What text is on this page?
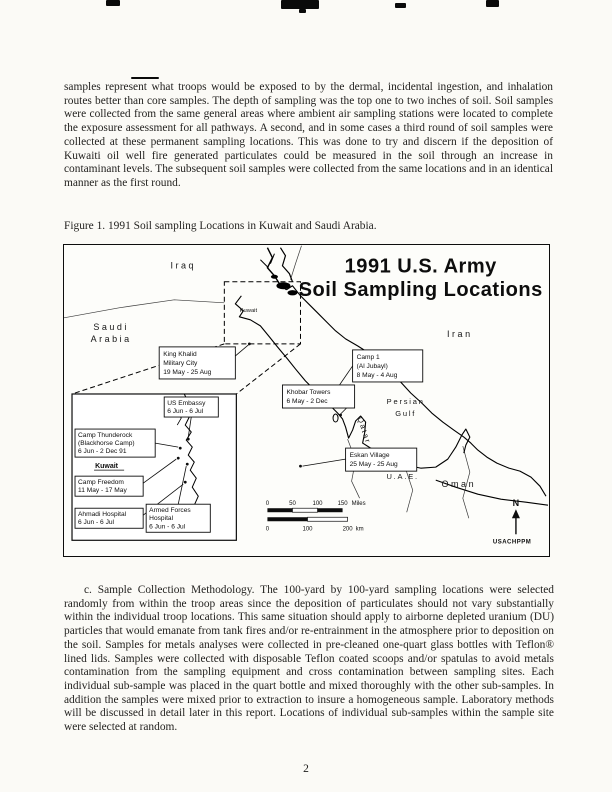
samples represent what troops would be exposed to by the dermal, incidental ingestion, and inhalation routes better than core samples. The depth of sampling was the top one to two inches of soil. Soil samples were collected from the same general areas where ambient air sampling stations were located to complete the exposure assessment for all pathways. A second, and in some cases a third round of soil samples were collected at these permanent sampling locations. This was done to try and discern if the deposition of Kuwaiti oil well fire generated particulates could be measured in the soil through an increase in contaminant levels. The subsequent soil samples were collected from the same locations and in an identical manner as the first round.

Figure 1. 1991 Soil sampling Locations in Kuwait and Saudi Arabia.

1991 U.S. Army
Soil Sampling Locations
Iraq
Saudi
Arabia
Iran
Kuwait
Persian
Gulf
Qatar
U.A.E.
Oman
King Khalid
Military City
19 May - 25 Aug
Camp 1
(Al Jubayl)
8 May - 4 Aug
Khobar Towers
6 May - 2 Dec
Eskan Village
25 May - 25 Aug
US Embassy
6 Jun - 6 Jul
Camp Thunderock
(Blackhorse Camp)
6 Jun - 2 Dec 91
Kuwait
Camp Freedom
11 May - 17 May
Ahmadi Hospital
6 Jun - 6 Jul
Armed Forces
Hospital
6 Jun - 6 Jul
0	50	100	150 Miles
0	100	200 km
N
USACHPPM

c. Sample Collection Methodology. The 100-yard by 100-yard sampling locations were selected randomly from within the troop areas since the deposition of particulates should not vary substantially within the individual troop locations. This same situation should apply to airborne depleted uranium (DU) particles that would emanate from tank fires and/or re-entrainment in the atmosphere prior to deposition on the soil. Samples for metals analyses were collected in pre-cleaned one-quart glass bottles with Teflon® lined lids. Samples were collected with disposable Teflon coated scoops and/or spatulas to avoid metals contamination from the sampling equipment and cross contamination between sampling sites. Each individual sub-sample was placed in the quart bottle and mixed thoroughly with the other sub-samples. In addition the samples were mixed prior to extraction to insure a homogeneous sample. Laboratory methods will be discussed in detail later in this report. Locations of individual sub-samples within the sample site were selected at random.

2
